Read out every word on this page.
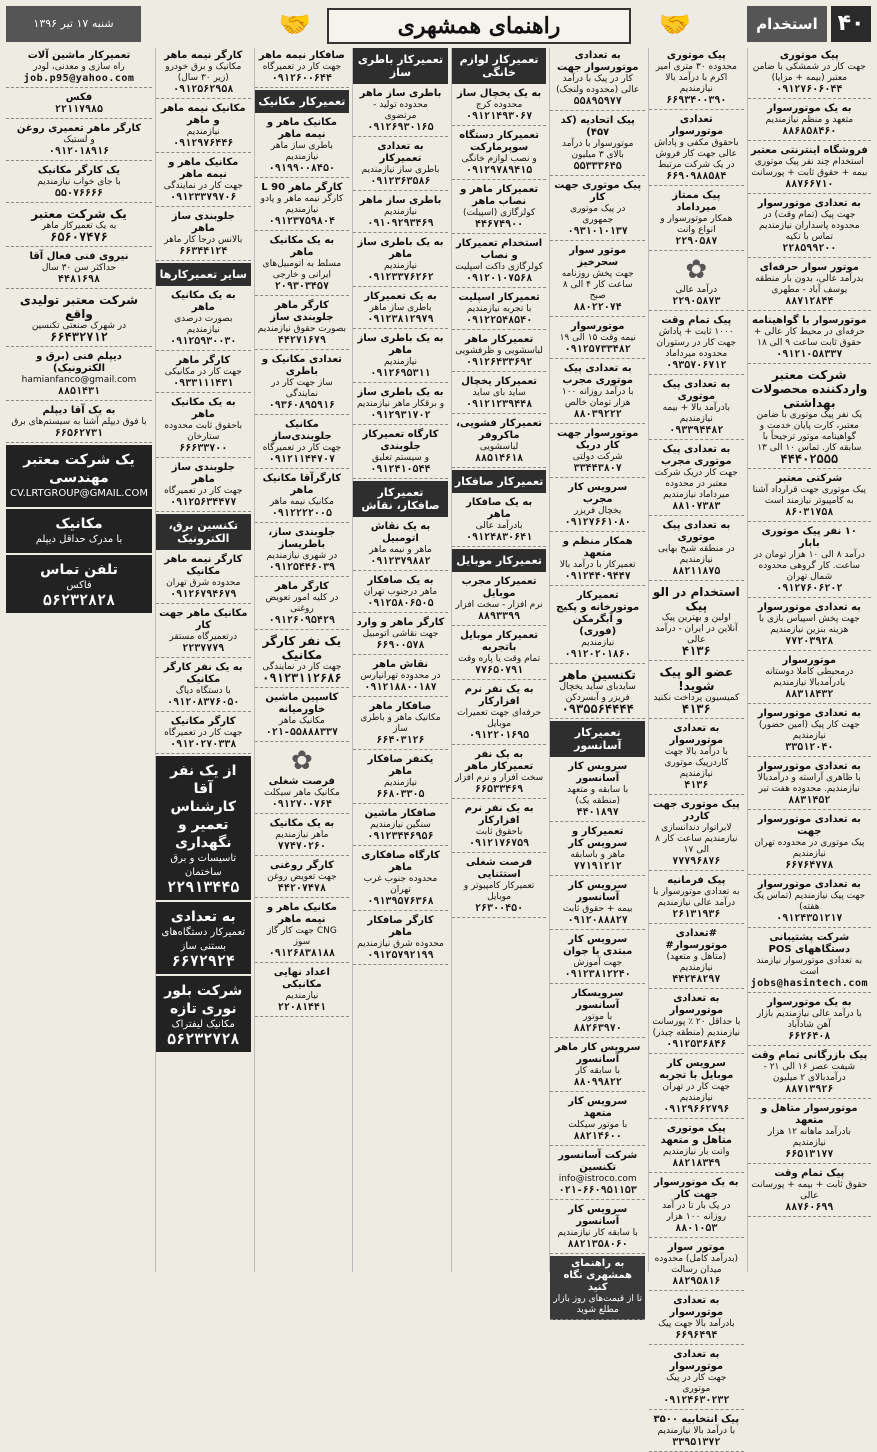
۴۰
استخدام
🤝
راهنمای همشهری
🤝
شنبه ۱۷ تیر ۱۳۹۶
پیک موتوری
جهت کار در شمشکی با ضامن معتبر (بیمه + مزایا)
۰۹۱۲۷۶۰۶۰۴۴
به یک موتورسوار
متعهد و منظم نیازمندیم
۸۸۶۸۵۸۴۶۰
فروشگاه اینترنتی معتبر
استخدام چند نفر پیک موتوری بیمه + حقوق ثابت + پورسانت
۸۸۷۶۶۷۱۰
به تعدادی موتورسوار
جهت پیک (تمام وقت) در محدوده پاسداران نیازمندیم تماس با تکیه
۲۲۸۵۹۹۲۰۰
موتور سوار حرفه‌ای
بدرآمد عالی، بدون بار منطقه یوسف آباد - مطهری
۸۸۷۱۲۸۴۴
موتورسوار با گواهینامه
حرفه‌ای در محیط کار عالی + حقوق ثابت ساعت ۹ الی ۱۸
۰۹۱۲۱۰۵۸۳۳۷
شرکت معتبر واردکننده محصولات بهداشتی
یک نفر پیک موتوری با ضامن معتبر، کارت پایان خدمت و گواهینامه موتور ترجیحاً با سابقه کار. تماس ۱۰ الی ۱۳
۴۴۴۰۲۵۵۵
شرکتی معتبر
پیک موتوری جهت قرارداد آشنا به کامپیوتر نیازمند است
۸۶۰۳۱۷۵۸
۱۰ نفر پیک موتوری بابار
درآمد ۸ الی ۱۰ هزار تومان در ساعت. کار گروهی محدوده شمال تهران
۰۹۱۲۷۶۰۶۲۰۲
به تعدادی موتورسوار
جهت پخش اسپیاس بازی با هزینه بنزین نیازمندیم
۷۷۲۰۳۹۲۸
موتورسوار
درمحیطی کاملا دوستانه بادرآمدبالا نیازمندیم
۸۸۳۱۸۴۳۲
به تعدادی موتورسوار
جهت کار پیک (امین حضور) نیازمندیم
۳۳۵۱۲۰۴۰
به تعدادی موتورسوار
با ظاهری آراسته و درآمدبالا نیازمندیم. محدوده هفت تیر
۸۸۳۱۴۵۲
به تعدادی موتورسوار جهت
پیک موتوری در محدوده تهران نیازمندیم
۶۶۷۶۴۷۷۸
به تعدادی موتورسوار
جهت پیک نیازمندیم (تماس یک هفته)
۰۹۱۲۴۳۵۱۲۱۷
شرکت پشتیبانی دستگاههای POS
به تعدادی موتورسوار نیازمند است
jobs@hasintech.com
به یک موتورسوار
با درآمد عالی نیازمندیم بازار آهن شادآباد
۶۶۲۶۴۰۸
پیک بازرگانی تمام وقت
شیفت عصر ۱۶ الی ۲۱ - درآمدبالای ۲ میلیون
۸۸۷۱۳۹۲۶
موتورسوار متاهل و متعهد
بادرآمد ماهانه ۱۲ هزار نیازمندیم
۶۶۵۱۳۱۷۷
پیک تمام وقت
حقوق ثابت + بیمه + پورسانت عالی
۸۸۷۶۰۶۹۹
پیک موتوری
محدوده ۳۰ متری امیر اکرم با درآمد بالا نیازمندیم
۶۶۹۳۴۰۰۳۹۰
تعدادی موتورسوار
باحقوق مکفی و پاداش عالی جهت کار فروش در یک شرکت مرتبط
۶۶۹۰۹۸۸۵۸۴
پیک ممتاز میرداماد
همکار موتورسوار و انواع وانت
۲۲۹۰۵۸۷
✿
درآمد عالی
۲۲۹۰۵۸۷۳
پیک تمام وقت
۱۰۰۰ ثابت + پاداش جهت کار در رستوران محدوده میرداماد
۰۹۳۵۷۰۶۷۱۲
به تعدادی پیک موتوری
بادرآمد بالا + بیمه نیازمندیم
۰۹۳۳۹۴۴۸۲
به تعدادی پیک موتوری مجرب
جهت کار دریک شرکت معتبر در محدوده میرداماد نیازمندیم
۸۸۱۰۷۳۸۳
به تعدادی پیک موتوری
در منطقه شیخ بهایی نیازمندیم
۸۸۲۱۱۸۷۵
استخدام در الو پیک
اولین و بهترین پیک آنلاین در ایران - درآمد عالی
۴۱۳۶
عضو الو پیک شوید!
کمیسیون پرداخت نکنید
۴۱۳۶
به تعدادی موتورسوار
با درآمد بالا جهت کاردرپیک موتوری نیازمندیم
۴۱۳۶
پیک موتوری جهت کاردر
لابراتوار دندانسازی نیازمندیم ساعت کار ۸ الی ۱۷
۷۷۷۹۶۸۷۶
پیک فرمانیه
به تعدادی موتورسوار با درآمد عالی نیازمندیم
۲۶۱۳۱۹۳۶
#تعدادی موتورسوار#
(متاهل و متعهد) نیازمندیم
۴۴۲۴۸۲۹۷
به تعدادی موتورسوار
با حداقل ۲۰ ٪ پورسانت نیازمندیم (منطقه چیذر)
۰۹۱۲۵۳۶۸۴۶
سرویس کار موبایل با تجربه
جهت کار در تهران نیازمندیم
۰۹۱۲۹۶۶۲۷۹۶
پیک موتوری متاهل و متعهد
وانت بار نیازمندیم
۸۸۲۱۸۳۴۹
به یک موتورسوار جهت کار
در یک بار تا در آمد روزانه ۱۰۰ هزار
۸۸۰۱۰۵۳
موتور سوار
(بدرآمد کامل) محدوده میدان رسالت
۸۸۲۹۵۸۱۶
به تعدادی موتورسوار
بادرآمد بالا جهت پیک
۶۶۹۶۴۹۴
به تعدادی موتورسوار
جهت کار در پیک موتوری
۰۹۱۲۴۶۳۰۲۳۲
پیک انتخابیه ۳۵۰۰
با درآمد بالا نیازمندیم
۳۳۹۵۱۳۷۲
به تعدادی موتورسوار جهت
کار در پیک با درآمد عالی (محدوده ولنجک)
۵۵۸۹۵۹۷۷
پیک اتحادیه (کد ۴۵۷)
موتورسوار با درآمد بالای ۳ میلیون
۵۵۳۳۳۶۴۵
پیک موتوری جهت کار
در پیک موتوری جمهوری
۰۹۳۱۰۱۰۱۳۷
موتور سوار سحرخیز
جهت پخش روزنامه ساعت کار ۴ الی ۸ صبح
۸۸۰۲۲۰۷۴
موتورسوار
نیمه وقت ۱۵ الی ۱۹
۰۹۱۲۵۷۳۳۴۸۲
به تعدادی پیک موتوری مجرب
با درآمد روزانه ۱۰۰ هزار تومان خالص
۸۸۰۳۹۲۲۲
موتورسوار جهت کار دریک
شرکت دولتی
۳۳۴۴۳۸۰۷
سرویس کار مجرب
یخچال فریزر
۰۹۱۲۷۶۶۱۰۸۰
همکار منظم و متعهد
تعمیرکار با درآمد بالا
۰۹۱۲۴۴۰۹۴۴۷
تعمیرکار موتورخانه و پکیج و آبگرمکن (فوری)
نیازمندیم
۰۹۱۲۰۲۰۱۸۶۰
تکنسین ماهر
سایدبای ساید یخچال فریزر و آبسردکن
۰۹۳۵۵۶۴۴۴۴
تعمیرکار آسانسور
سرویس کار آسانسور
با سابقه و متعهد (منطقه یک)
۴۴۰۱۸۹۷
تعمیرکار و سرویس کار
ماهر و باسابقه
۷۷۱۹۱۲۱۲
سرویس کار آسانسور
بیمه + حقوق ثابت
۰۹۱۲۰۸۸۸۲۷
سرویس کار مبتدی یا جوان
جهت آموزش
۰۹۱۲۳۸۱۲۲۴۰
سرویسکار آسانسور
با موتور
۸۸۲۶۳۹۷۰
سرویس کار ماهر آسانسور
با سابقه کار
۸۸۰۹۹۸۲۲
سرویس کار متعهد
با موتور سیکلت
۸۸۲۱۴۶۰۰
شرکت آسانسور تکنسین
info@istroco.com
۰۲۱-۶۶۰۹۵۱۱۵۳
سرویس کار آسانسور
با سابقه کار نیازمندیم
۸۸۲۱۳۵۸۰۶۰
به راهنمای همشهری نگاه کنید
تا از قیمت‌های روز بازار مطلع شوید
تعمیرکار لوازم خانگی
به یک یخچال ساز
محدوده کرج
۰۹۱۲۱۴۹۳۰۶۷
تعمیرکار دستگاه سوپرمارکت
و نصب لوازم خانگی
۰۹۱۲۹۷۸۹۴۱۵
تعمیرکار ماهر و نصاب ماهر
کولرگازی (اسپیلت)
۴۴۶۷۴۹۰۰
استخدام تعمیرکار و نصاب
کولرگازی داکت اسپلیت
۰۹۱۲۰۱۰۷۵۶۸
تعمیرکار اسپلیت
با تجربه نیازمندیم
۰۹۱۲۲۵۴۸۵۴۰
تعمیرکار ماهر
لباسشویی و ظرفشویی
۰۹۱۲۶۴۳۳۶۹۲
تعمیرکار یخچال
ساید بای ساید
۰۹۱۲۱۲۳۹۴۴۸
تعمیرکار فشویی، ماکروفر
لباسشویی
۸۸۵۱۴۶۱۸
تعمیرکار صافکار
به یک صافکار ماهر
بادرآمد عالی
۰۹۱۲۴۸۳۰۶۴۱
تعمیرکار موبایل
تعمیرکار مجرب موبایل
نرم افزار - سخت افزار
۸۸۹۳۳۹۹
تعمیرکار موبایل باتجربه
تمام وقت یا پاره وقت
۷۷۶۵۰۷۹۱
به یک نفر نرم افزارکار
حرفه‌ای جهت تعمیرات موبایل
۰۹۱۲۲۰۱۶۹۵
به یک نفر تعمیرکار ماهر
سخت افزار و نرم افزار
۶۶۵۳۳۴۶۹
به یک نفر نرم افزارکار
باحقوق ثابت
۰۹۱۲۱۷۶۷۵۹
فرصت شغلی استثنایی
تعمیرکار کامپیوتر و موبایل
۲۶۳۰۰۴۵۰
تعمیرکار باطری ساز
باطری ساز ماهر
محدوده تولید - مرتضوی
۰۹۱۲۶۹۳۰۱۶۵
به تعدادی تعمیرکار
باطری ساز نیازمندیم
۰۹۱۲۳۶۳۵۸۶
باطری ساز ماهر
نیازمندیم
۰۹۱۰۹۲۹۳۴۶۹
به یک باطری ساز ماهر
نیازمندیم
۰۹۱۲۳۳۷۶۲۶۲
به یک تعمیرکار
باطری ساز ماهر
۰۹۱۲۳۸۱۲۹۷۹
به یک باطری ساز ماهر
نیازمندیم
۰۹۱۲۶۹۵۳۱۱
به یک باطری ساز
و برقکار ماهر نیازمندیم
۰۹۱۲۹۳۱۷۰۲
کارگاه تعمیرکار جلوبندی
و سیستم تعلیق
۰۹۱۲۴۱۰۵۴۴
تعمیرکار صافکار، نقاش
به یک نقاش اتومبیل
ماهر و نیمه ماهر
۰۹۱۲۳۷۹۸۸۲
به یک صافکار
ماهر درجنوب تهران
۰۹۱۲۵۸۰۶۵۰۵
کارگر ماهر و وارد
جهت نقاشی اتومبیل
۶۶۹۰۰۵۷۸
نقاش ماهر
در محدوده تهرانپارس
۰۹۱۲۱۸۸۰۰۱۸۷
صافکار ماهر
مکانیک ماهر و باطری ساز
۶۶۴۰۳۱۲۶
یکنفر صافکار ماهر
نیازمندیم
۶۶۸۰۳۳۰۵
صافکار ماشین
سنگین نیازمندیم
۰۹۱۲۳۴۴۶۹۵۶
کارگاه صافکاری ماهر
محدوده جنوب غرب تهران
۰۹۱۳۹۵۷۶۳۶۸
کارگر صافکار ماهر
محدوده شرق نیازمندیم
۰۹۱۲۵۷۹۲۱۹۹
صافکار نیمه ماهر
جهت کار در تعمیرگاه
۰۹۱۲۶۰۰۶۴۴
تعمیرکار مکانیک
مکانیک ماهر و نیمه ماهر
باطری ساز ماهر نیازمندیم
۰۹۱۹۹۰۰۸۴۵۰
کارگر ماهر 90 L
کارگر نیمه ماهر و پادو نیازمندیم
۰۹۱۲۳۷۵۹۸۰۴
به یک مکانیک ماهر
مسلط به اتومبیل‌های ایرانی و خارجی
۲۰۹۳۰۳۴۵۷
کارگر ماهر جلوبندی ساز
بصورت حقوق نیازمندیم
۴۴۲۷۱۶۷۹
تعدادی مکانیک و باطری
ساز جهت کار در نمایندگی
۰۹۳۶۰۸۹۵۹۱۶
مکانیک جلوبندی‌ساز
جهت کار در تعمیرگاه
۰۹۱۲۱۱۴۴۷۰۷
کارگرآقا مکانیک ماهر
مکانیک نیمه ماهر
۰۹۱۲۲۲۲۰۰۵
جلوبندی ساز، باطریساز
در شهری نیازمندیم
۰۹۱۲۵۴۴۶۰۳۹
کارگر ماهر
در کلیه امور تعویض روغنی
۰۹۱۲۶۰۹۵۴۲۹
یک نفر کارگر مکانیک
جهت کار در نمایندگی
۰۹۱۲۳۱۱۲۶۸۶
کاسپین ماشین خاورمیانه
مکانیک ماهر
۰۲۱-۵۵۸۸۸۳۳۷
✿
فرصت شغلی
مکانیک ماهر سیکلت
۰۹۱۲۷۰۰۷۶۴
به یک مکانیک
ماهر نیازمندیم
۷۷۴۷۰۲۶۰
کارگر روغنی
جهت تعویض روغن
۴۴۲۰۷۴۷۸
مکانیک ماهر و نیمه ماهر
CNG جهت کار گاز سوز
۰۹۱۲۶۸۳۸۱۸۸
اعداد نهایی مکانیکی
نیازمندیم
۲۲۰۸۱۴۴۱
کارگر نیمه ماهر
مکانیک و برق خودرو (زیر ۳۰ سال)
۰۹۱۲۵۶۲۹۵۸
مکانیک نیمه ماهر و ماهر
نیازمندیم
۰۹۱۲۹۷۶۴۴۶
مکانیک ماهر و نیمه ماهر
جهت کار در نمایندگی
۰۹۱۲۳۳۷۹۷۰۶
جلوبندی ساز ماهر
بالانس درجا کار ماهر
۶۶۳۴۴۱۲۴
سایر تعمیرکارها
به یک مکانیک ماهر
بصورت درصدی نیازمندیم
۰۹۱۲۵۹۳۰۰۳۰
کارگر ماهر
جهت کار در مکانیکی
۰۹۳۳۱۱۱۴۳۱
به یک مکانیک ماهر
باحقوق ثابت محدوده ستارخان
۶۶۶۳۳۷۰۰
جلوبندی ساز ماهر
جهت کار در تعمیرگاه
۰۹۱۲۵۶۳۴۴۷۷
تکنسین برق، الکترونیک
کارگر نیمه ماهر مکانیک
محدوده شرق تهران
۰۹۱۲۶۷۹۴۶۷۹
مکانیک ماهر جهت کار
درتعمیرگاه مستقر
۲۲۳۷۷۷۹
به یک نفر کارگر مکانیک
با دستگاه دیاگ
۰۹۱۲۰۸۳۷۶۰۵۰
کارگر مکانیک
جهت کار در تعمیرگاه
۰۹۱۲۰۲۷۰۳۳۸
از یک نفر آقا کارشناس تعمیر و نگهداری
تاسیسات و برق ساختمان
۲۲۹۱۳۴۴۵
به تعدادی
تعمیرکار دستگاه‌های بستنی ساز
۶۶۷۲۹۲۴
شرکت بلور نوری تازه
مکانیک لیفتراک
۵۶۲۳۲۷۲۸
تعمیرکار ماشین آلات
راه سازی و معدنی، لودر
job.p95@yahoo.com
فکس
۲۲۱۱۷۹۸۵
کارگر ماهر تعمیری روغن
و لستیک
۰۹۱۲۰۱۸۹۱۶
یک کارگر مکانیک
با جای خواب نیازمندیم
۵۵۰۷۶۶۶۶
یک شرکت معتبر
به یک تعمیرکار ماهر
۶۵۶۰۷۴۷۶
نیروی فنی فعال آقا
حداکثر سن ۳۰ سال
۴۴۸۱۶۹۸
شرکت معتبر تولیدی واقع
در شهرک صنعتی تکنسین
۶۶۴۳۲۷۱۲
دیپلم فنی (برق و الکترونیک)
hamianfanco@gmail.com
۸۸۵۱۴۳۱
به یک آقا دیپلم
با فوق دیپلم آشنا به سیستم‌های برق
۶۶۵۶۲۷۳۱
یک شرکت معتبر مهندسی
CV.LRTGROUP@GMAIL.COM
مکانیک
با مدرک حداقل دیپلم
تلفن تماس
فاکس
۵۶۲۳۲۸۲۸
